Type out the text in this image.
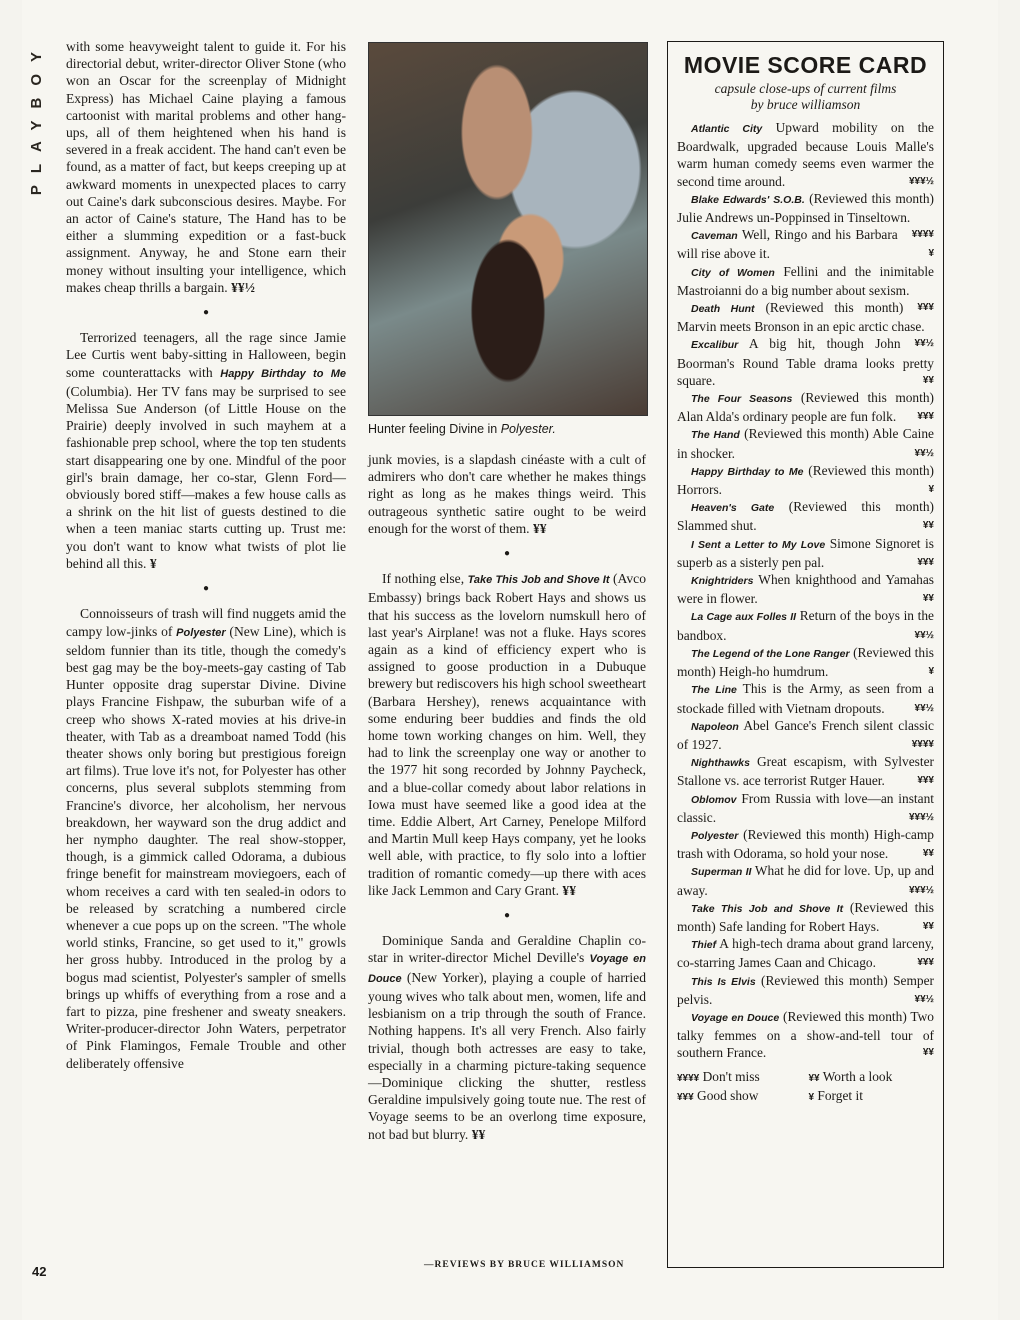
PLAYBOY
42

with some heavyweight talent to guide it. For his directorial debut, writer-director Oliver Stone (who won an Oscar for the screenplay of Midnight Express) has Michael Caine playing a famous cartoonist with marital problems and other hang-ups, all of them heightened when his hand is severed in a freak accident. The hand can't even be found, as a matter of fact, but keeps creeping up at awkward moments in unexpected places to carry out Caine's dark subconscious desires. Maybe. For an actor of Caine's stature, The Hand has to be either a slumming expedition or a fast-buck assignment. Anyway, he and Stone earn their money without insulting your intelligence, which makes cheap thrills a bargain. ¥¥½

●

Terrorized teenagers, all the rage since Jamie Lee Curtis went baby-sitting in Halloween, begin some counterattacks with Happy Birthday to Me (Columbia). Her TV fans may be surprised to see Melissa Sue Anderson (of Little House on the Prairie) deeply involved in such mayhem at a fashionable prep school, where the top ten students start disappearing one by one. Mindful of the poor girl's brain damage, her co-star, Glenn Ford—obviously bored stiff—makes a few house calls as a shrink on the hit list of guests destined to die when a teen maniac starts cutting up. Trust me: you don't want to know what twists of plot lie behind all this. ¥

●

Connoisseurs of trash will find nuggets amid the campy low-jinks of Polyester (New Line), which is seldom funnier than its title, though the comedy's best gag may be the boy-meets-gay casting of Tab Hunter opposite drag superstar Divine. Divine plays Francine Fishpaw, the suburban wife of a creep who shows X-rated movies at his drive-in theater, with Tab as a dreamboat named Todd (his theater shows only boring but prestigious foreign art films). True love it's not, for Polyester has other concerns, plus several subplots stemming from Francine's divorce, her alcoholism, her nervous breakdown, her wayward son the drug addict and her nympho daughter. The real show-stopper, though, is a gimmick called Odorama, a dubious fringe benefit for mainstream moviegoers, each of whom receives a card with ten sealed-in odors to be released by scratching a numbered circle whenever a cue pops up on the screen. "The whole world stinks, Francine, so get used to it," growls her gross hubby. Introduced in the prolog by a bogus mad scientist, Polyester's sampler of smells brings up whiffs of everything from a rose and a fart to pizza, pine freshener and sweaty sneakers. Writer-producer-director John Waters, perpetrator of Pink Flamingos, Female Trouble and other deliberately offensive

Hunter feeling Divine in Polyester.

junk movies, is a slapdash cinéaste with a cult of admirers who don't care whether he makes things right as long as he makes things weird. This outrageous synthetic satire ought to be weird enough for the worst of them. ¥¥

●

If nothing else, Take This Job and Shove It (Avco Embassy) brings back Robert Hays and shows us that his success as the lovelorn numskull hero of last year's Airplane! was not a fluke. Hays scores again as a kind of efficiency expert who is assigned to goose production in a Dubuque brewery but rediscovers his high school sweetheart (Barbara Hershey), renews acquaintance with some enduring beer buddies and finds the old home town working changes on him. Well, they had to link the screenplay one way or another to the 1977 hit song recorded by Johnny Paycheck, and a blue-collar comedy about labor relations in Iowa must have seemed like a good idea at the time. Eddie Albert, Art Carney, Penelope Milford and Martin Mull keep Hays company, yet he looks well able, with practice, to fly solo into a loftier tradition of romantic comedy—up there with aces like Jack Lemmon and Cary Grant. ¥¥

●

Dominique Sanda and Geraldine Chaplin co-star in writer-director Michel Deville's Voyage en Douce (New Yorker), playing a couple of harried young wives who talk about men, women, life and lesbianism on a trip through the south of France. Nothing happens. It's all very French. Also fairly trivial, though both actresses are easy to take, especially in a charming picture-taking sequence—Dominique clicking the shutter, restless Geraldine impulsively going toute nue. The rest of Voyage seems to be an overlong time exposure, not bad but blurry. ¥¥

—REVIEWS BY BRUCE WILLIAMSON
MOVIE SCORE CARD
capsule close-ups of current films
by bruce williamson

Atlantic City Upward mobility on the Boardwalk, upgraded because Louis Malle's warm human comedy seems even warmer the second time around.	¥¥¥½

Blake Edwards' S.O.B. (Reviewed this month) Julie Andrews un-Poppinsed in Tinseltown.
¥¥¥¥

Caveman Well, Ringo and his Barbara will rise above it.	¥

City of Women Fellini and the inimitable Mastroianni do a big number about sexism.
¥¥¥

Death Hunt (Reviewed this month) Marvin meets Bronson in an epic arctic chase.
¥¥½

Excalibur A big hit, though John Boorman's Round Table drama looks pretty square.	¥¥

The Four Seasons (Reviewed this month) Alan Alda's ordinary people are fun folk.	¥¥¥

The Hand (Reviewed this month) Able Caine in shocker.	¥¥½

Happy Birthday to Me (Reviewed this month) Horrors.	¥

Heaven's Gate (Reviewed this month) Slammed shut.	¥¥

I Sent a Letter to My Love Simone Signoret is superb as a sisterly pen pal.	¥¥¥

Knightriders When knighthood and Yamahas were in flower.	¥¥

La Cage aux Folles II Return of the boys in the bandbox.	¥¥½

The Legend of the Lone Ranger (Reviewed this month) Heigh-ho humdrum.	¥

The Line This is the Army, as seen from a stockade filled with Vietnam dropouts.	¥¥½

Napoleon Abel Gance's French silent classic of 1927.	¥¥¥¥

Nighthawks Great escapism, with Sylvester Stallone vs. ace terrorist Rutger Hauer.	¥¥¥

Oblomov From Russia with love—an instant classic.	¥¥¥½

Polyester (Reviewed this month) High-camp trash with Odorama, so hold your nose.	¥¥

Superman II What he did for love. Up, up and away.	¥¥¥½

Take This Job and Shove It (Reviewed this month) Safe landing for Robert Hays.	¥¥

Thief A high-tech drama about grand larceny, co-starring James Caan and Chicago.	¥¥¥

This Is Elvis (Reviewed this month) Semper pelvis.	¥¥½

Voyage en Douce (Reviewed this month) Two talky femmes on a show-and-tell tour of southern France.	¥¥

¥¥¥¥ Don't miss	¥¥ Worth a look
¥¥¥ Good show	¥ Forget it
